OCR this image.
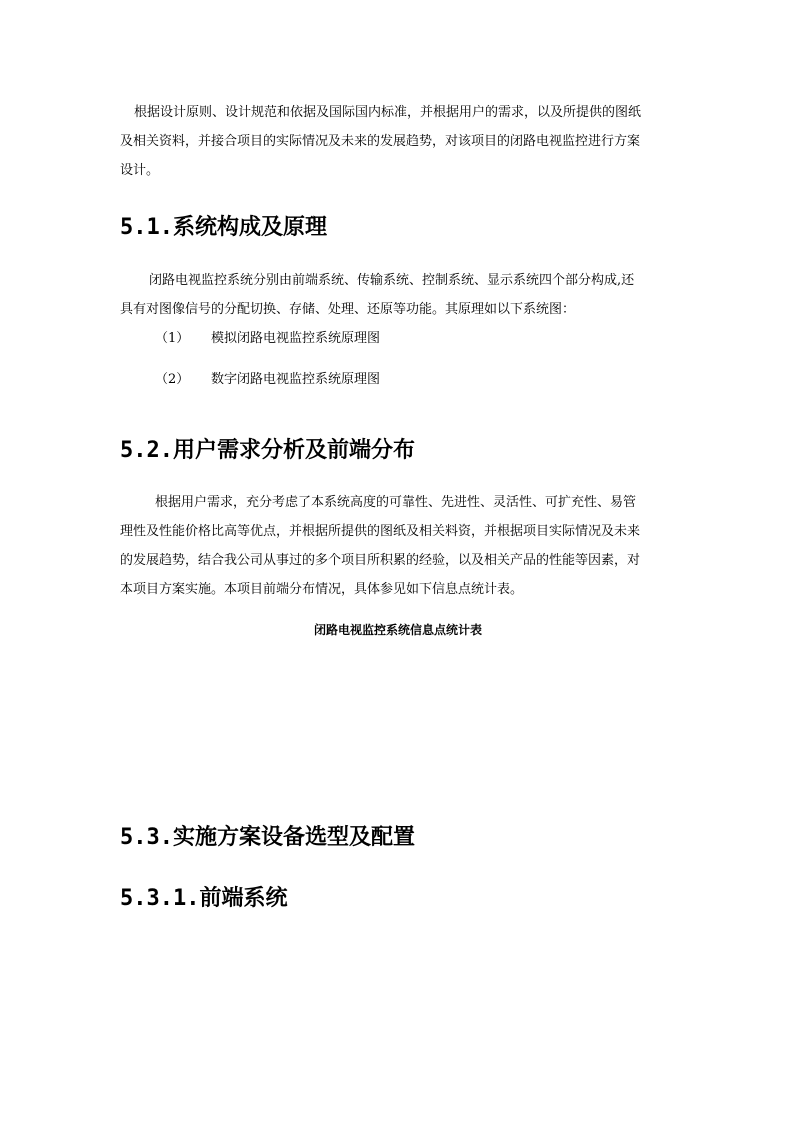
根据设计原则、设计规范和依据及国际国内标准，并根据用户的需求，以及所提供的图纸
及相关资料，并接合项目的实际情况及未来的发展趋势，对该项目的闭路电视监控进行方案
设计。
5.1.系统构成及原理
闭路电视监控系统分别由前端系统、传输系统、控制系统、显示系统四个部分构成,还
具有对图像信号的分配切换、存储、处理、还原等功能。其原理如以下系统图：

（1） 模拟闭路电视监控系统原理图

（2） 数字闭路电视监控系统原理图

5.2.用户需求分析及前端分布
根据用户需求，充分考虑了本系统高度的可靠性、先进性、灵活性、可扩充性、易管
理性及性能价格比高等优点，并根据所提供的图纸及相关料资，并根据项目实际情况及未来
的发展趋势，结合我公司从事过的多个项目所积累的经验，以及相关产品的性能等因素，对
本项目方案实施。本项目前端分布情况，具体参见如下信息点统计表。

闭路电视监控系统信息点统计表

5.3.实施方案设备选型及配置
5.3.1.前端系统
